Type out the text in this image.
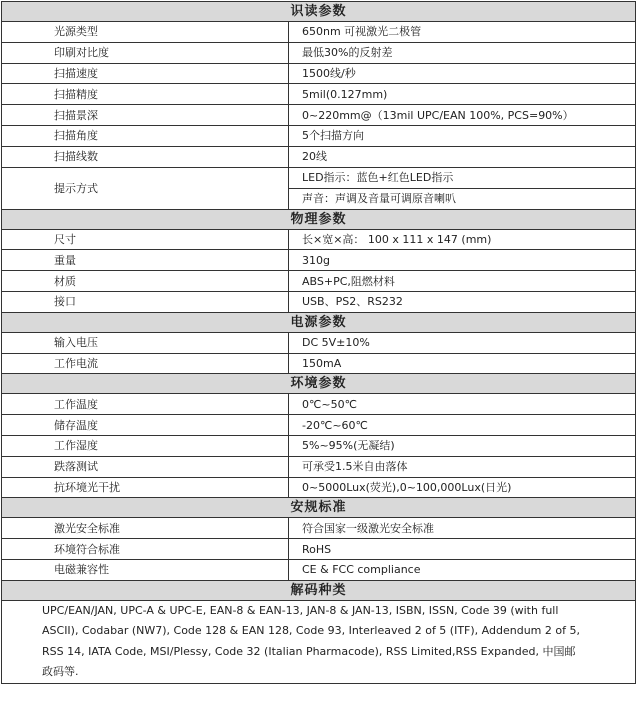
识读参数	
光源类型	650nm 可视激光二极管
印刷对比度	最低30%的反射差
扫描速度	1500线/秒
扫描精度	5mil(0.127mm)
扫描景深	0~220mm@（13mil UPC/EAN 100%, PCS=90%）
扫描角度	5个扫描方向
扫描线数	20线
提示方式	LED指示：蓝色+红色LED指示
声音：声调及音量可调原音喇叭

物理参数	
尺寸	长×宽×高： 100 x 111 x 147 (mm)
重量	310g
材质	ABS+PC,阻燃材料
接口	USB、PS2、RS232
电源参数	
输入电压	DC 5V±10%
工作电流	150mA
环境参数	
工作温度	0℃~50℃
储存温度	-20℃~60℃
工作湿度	5%~95%(无凝结)
跌落测试	可承受1.5米自由落体
抗环境光干扰	0~5000Lux(荧光),0~100,000Lux(日光)
安规标准	
激光安全标准	符合国家一级激光安全标准
环境符合标准	RoHS
电磁兼容性	CE & FCC compliance
解码种类	

UPC/EAN/JAN, UPC-A & UPC-E, EAN-8 & EAN-13, JAN-8 & JAN-13, ISBN, ISSN, Code 39 (with full
ASCII), Codabar (NW7), Code 128 & EAN 128, Code 93, Interleaved 2 of 5 (ITF), Addendum 2 of 5,
RSS 14, IATA Code, MSI/Plessy, Code 32 (Italian Pharmacode), RSS Limited,RSS Expanded, 中国邮
政码等.	
